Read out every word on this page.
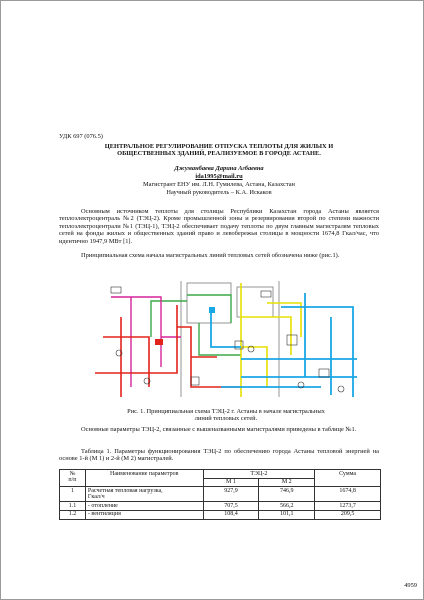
УДК 697 (076.5)

ЦЕНТРАЛЬНОЕ РЕГУЛИРОВАНИЕ ОТПУСКА ТЕПЛОТЫ ДЛЯ ЖИЛЫХ И
ОБЩЕСТВЕННЫХ ЗДАНИЙ, РЕАЛИЗУЕМОЕ В ГОРОДЕ АСТАНЕ.

Джуманбаева Дарина Агбаевна

ida1995@mail.ru

Магистрант ЕНУ им. Л.Н. Гумилева, Астана, Казахстан

Научный руководитель – К.А. Искаков

Основным источником теплоты для столицы Республики Казахстан города Астаны является теплоэлектроцентраль №2 (ТЭЦ-2). Кроме промышленной зоны и резервирования второй по степени важности теплоэлектроцентрали №1 (ТЭЦ-1), ТЭЦ-2 обеспечивает подачу теплоты по двум главным магистралям тепловых сетей на фонды жилых и общественных зданий право и левобережья столицы в мощности 1674,8 Гкал/час, что идентично 1947,9 МВт [1].

Принципиальная схема начала магистральных линий тепловых сетей обозначена ниже (рис.1).

Рис. 1. Принципиальная схема ТЭЦ-2 г. Астаны в начале магистральных
линий тепловых сетей.

Основные параметры ТЭЦ-2, связанные с вышеназванными магистралями приведены в таблице №1.

Таблица 1. Параметры функционирования ТЭЦ-2 по обеспечению города Астаны тепловой энергией на основе 1-й (М 1) и 2-й (М 2) магистралей.

№
п/п	Наименование параметров	ТЭЦ-2		Сумма
		М 1	М 2	
1	Расчетная тепловая нагрузка,
Гкал/ч	927,9	746,9	1674,8
1.1	- отопление	707,5	566,2	1273,7
1.2	- вентиляция	108,4	101,1	209,5

4959
